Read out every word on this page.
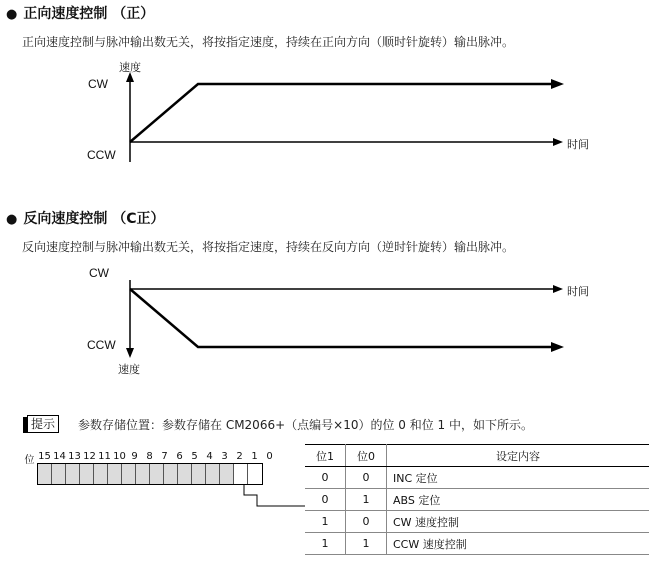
● 正向速度控制 （正）
正向速度控制与脉冲输出数无关，将按指定速度，持续在正向方向（顺时针旋转）输出脉冲。
速度
CW
CCW
时间
● 反向速度控制 （C正）
反向速度控制与脉冲输出数无关，将按指定速度，持续在反向方向（逆时针旋转）输出脉冲。
CW
CCW
时间
速度
提示	参数存储位置：参数存储在 CM2066+（点编号×10）的位 0 和位 1 中，如下所示。
位 15 14 13 12 11 10 9 8 7 6 5 4 3 2 1 0	位1	位0	设定内容
0	0	INC 定位
0	1	ABS 定位
1	0	CW 速度控制
1	1	CCW 速度控制
